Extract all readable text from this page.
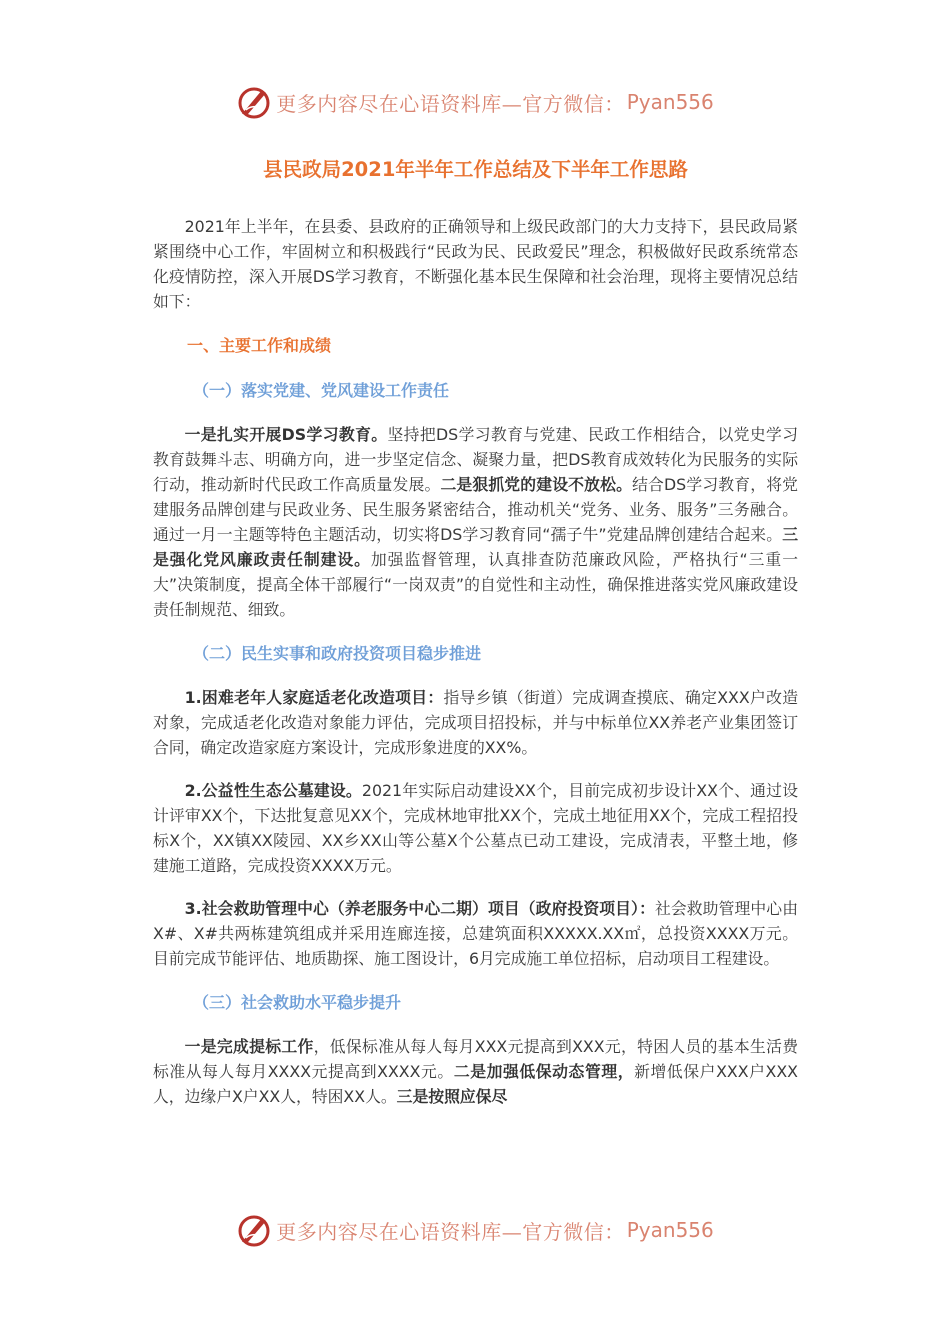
更多内容尽在心语资料库—官方微信： Pyan556
县民政局2021年半年工作总结及下半年工作思路

2021年上半年，在县委、县政府的正确领导和上级民政部门的大力支持下，县民政局紧紧围绕中心工作，牢固树立和积极践行“民政为民、民政爱民”理念，积极做好民政系统常态化疫情防控，深入开展DS学习教育，不断强化基本民生保障和社会治理，现将主要情况总结如下：

一、主要工作和成绩
（一）落实党建、党风建设工作责任

一是扎实开展DS学习教育。坚持把DS学习教育与党建、民政工作相结合，以党史学习教育鼓舞斗志、明确方向，进一步坚定信念、凝聚力量，把DS教育成效转化为民服务的实际行动，推动新时代民政工作高质量发展。二是狠抓党的建设不放松。结合DS学习教育，将党建服务品牌创建与民政业务、民生服务紧密结合，推动机关“党务、业务、服务”三务融合。通过一月一主题等特色主题活动，切实将DS学习教育同“孺子牛”党建品牌创建结合起来。三是强化党风廉政责任制建设。加强监督管理，认真排查防范廉政风险，严格执行“三重一大”决策制度，提高全体干部履行“一岗双责”的自觉性和主动性，确保推进落实党风廉政建设责任制规范、细致。

（二）民生实事和政府投资项目稳步推进

1.困难老年人家庭适老化改造项目：指导乡镇（街道）完成调查摸底、确定XXX户改造对象，完成适老化改造对象能力评估，完成项目招投标，并与中标单位XX养老产业集团签订合同，确定改造家庭方案设计，完成形象进度的XX%。

2.公益性生态公墓建设。2021年实际启动建设XX个，目前完成初步设计XX个、通过设计评审XX个，下达批复意见XX个，完成林地审批XX个，完成土地征用XX个，完成工程招投标X个，XX镇XX陵园、XX乡XX山等公墓X个公墓点已动工建设，完成清表，平整土地，修建施工道路，完成投资XXXX万元。

3.社会救助管理中心（养老服务中心二期）项目（政府投资项目）：社会救助管理中心由X#、X#共两栋建筑组成并采用连廊连接，总建筑面积XXXXX.XX㎡，总投资XXXX万元。目前完成节能评估、地质勘探、施工图设计，6月完成施工单位招标，启动项目工程建设。

（三）社会救助水平稳步提升

一是完成提标工作，低保标准从每人每月XXX元提高到XXX元，特困人员的基本生活费标准从每人每月XXXX元提高到XXXX元。二是加强低保动态管理，新增低保户XXX户XXX人，边缘户X户XX人，特困XX人。三是按照应保尽

更多内容尽在心语资料库—官方微信： Pyan556
